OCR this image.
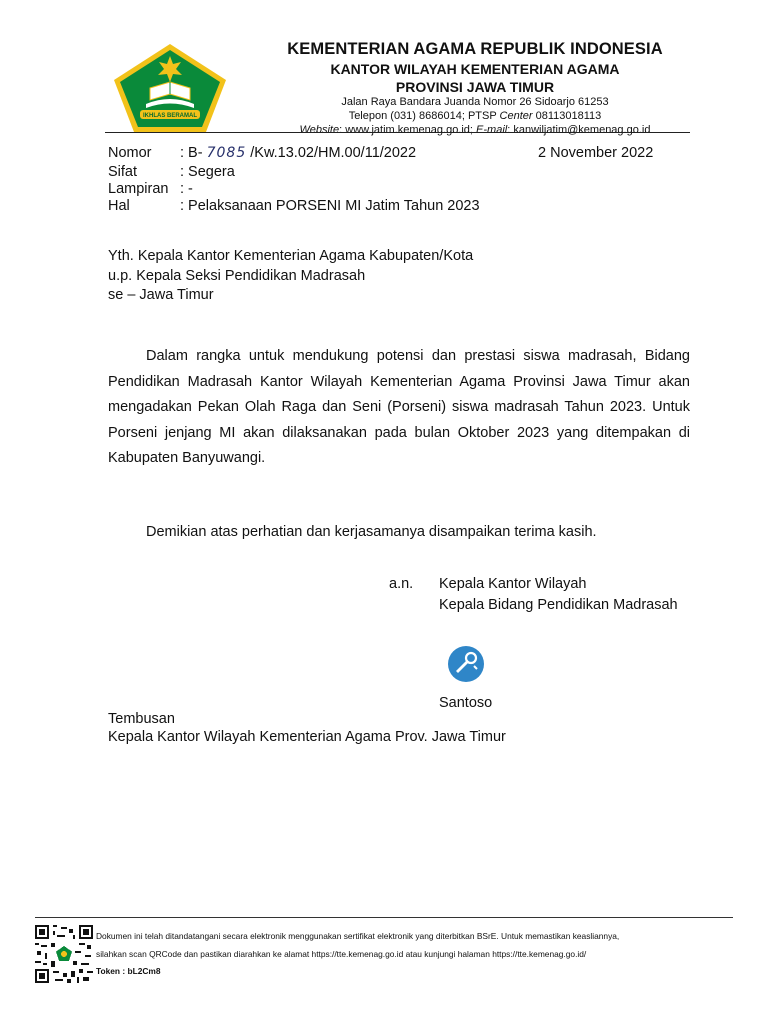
IKHLAS BERAMAL
KEMENTERIAN AGAMA REPUBLIK INDONESIA
KANTOR WILAYAH KEMENTERIAN AGAMA
PROVINSI JAWA TIMUR
Jalan Raya Bandara Juanda Nomor 26 Sidoarjo 61253
Telepon (031) 8686014; PTSP Center 08113018113
Website: www.jatim.kemenag.go.id; E-mail: kanwiljatim@kemenag.go.id
Nomor : B- 7085 /Kw.13.02/HM.00/11/2022	2 November 2022
Sifat	: Segera
Lampiran : -
Hal	: Pelaksanaan PORSENI MI Jatim Tahun 2023
Yth. Kepala Kantor Kementerian Agama Kabupaten/Kota
u.p. Kepala Seksi Pendidikan Madrasah
se – Jawa Timur
Dalam rangka untuk mendukung potensi dan prestasi siswa madrasah, Bidang Pendidikan Madrasah Kantor Wilayah Kementerian Agama Provinsi Jawa Timur akan mengadakan Pekan Olah Raga dan Seni (Porseni) siswa madrasah Tahun 2023. Untuk Porseni jenjang MI akan dilaksanakan pada bulan Oktober 2023 yang ditempakan di Kabupaten Banyuwangi.
Demikian atas perhatian dan kerjasamanya disampaikan terima kasih.
a.n. Kepala Kantor Wilayah
Kepala Bidang Pendidikan Madrasah
Santoso
Tembusan
Kepala Kantor Wilayah Kementerian Agama Prov. Jawa Timur
Dokumen ini telah ditandatangani secara elektronik menggunakan sertifikat elektronik yang diterbitkan BSrE. Untuk memastikan keasliannya,
silahkan scan QRCode dan pastikan diarahkan ke alamat https://tte.kemenag.go.id atau kunjungi halaman https://tte.kemenag.go.id/
Token : bL2Cm8
